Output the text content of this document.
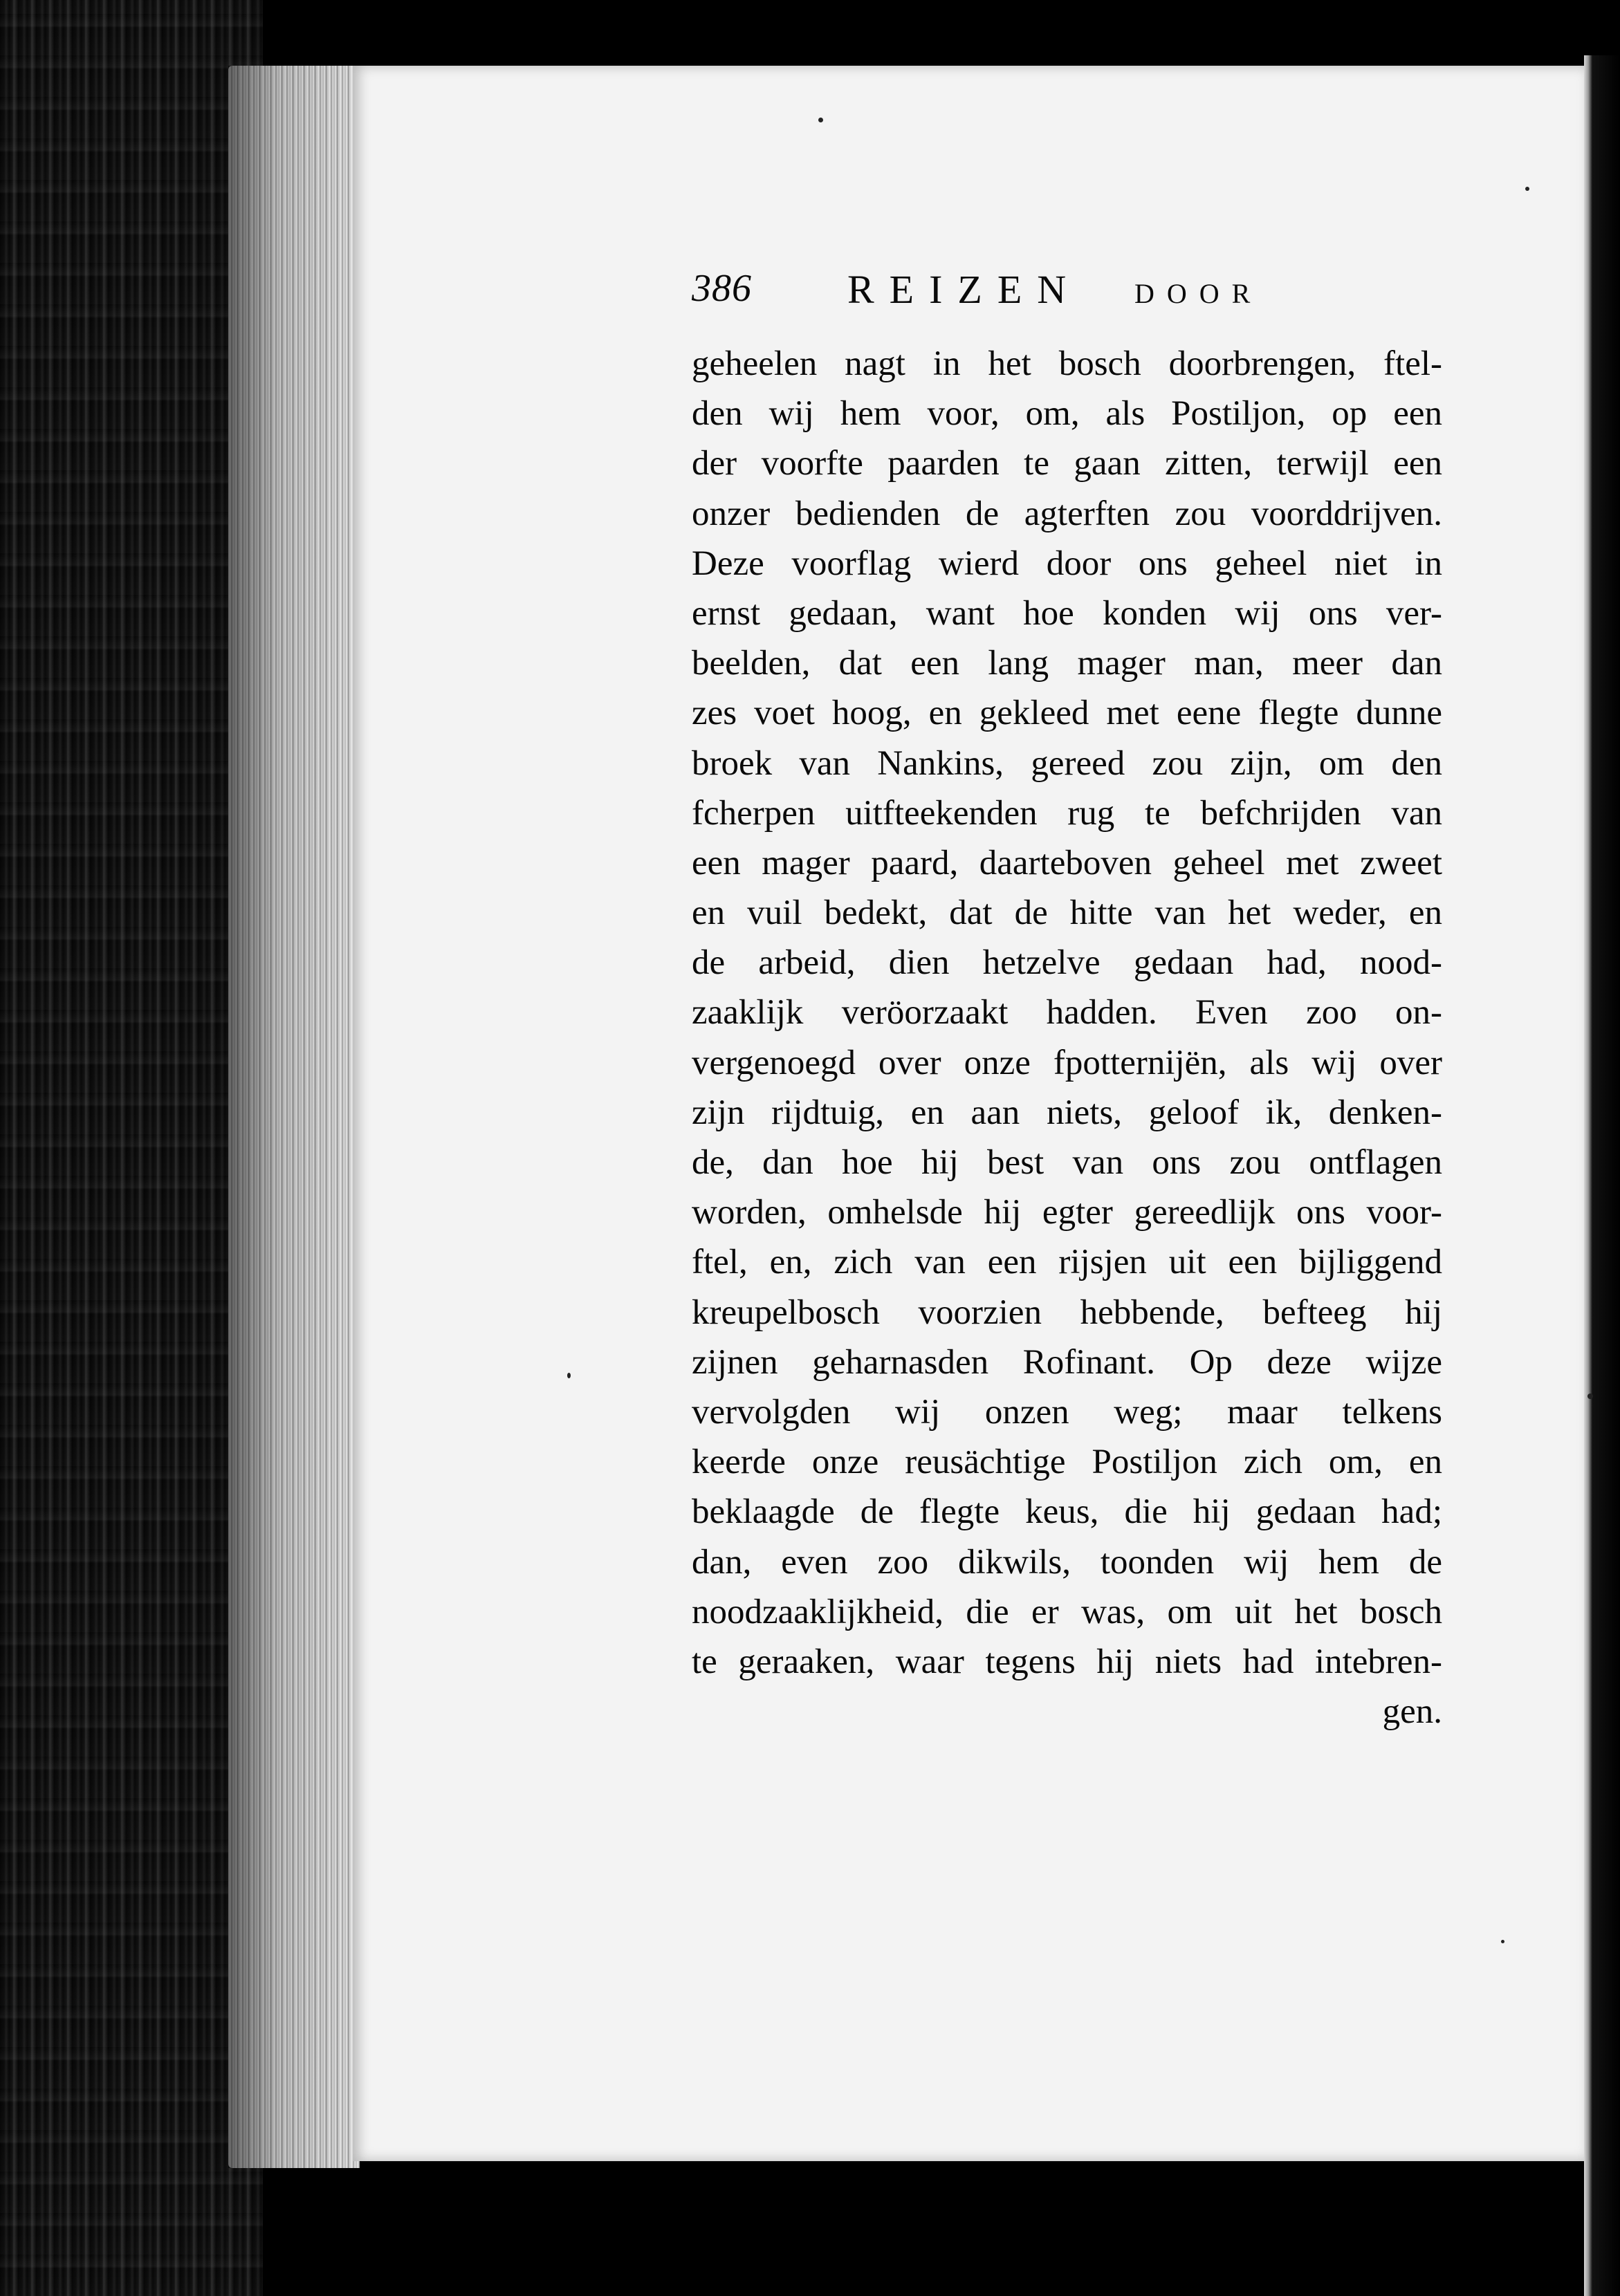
386 REIZEN DOOR
geheelen nagt in het bosch doorbrengen, ftel-
den wij hem voor, om, als Postiljon, op een
der voorfte paarden te gaan zitten, terwijl een
onzer bedienden de agterften zou voorddrijven.
Deze voorflag wierd door ons geheel niet in
ernst gedaan, want hoe konden wij ons ver-
beelden, dat een lang mager man, meer dan
zes voet hoog, en gekleed met eene flegte dunne
broek van Nankins, gereed zou zijn, om den
fcherpen uitfteekenden rug te befchrijden van
een mager paard, daarteboven geheel met zweet
en vuil bedekt, dat de hitte van het weder, en
de arbeid, dien hetzelve gedaan had, nood-
zaaklijk veröorzaakt hadden. Even zoo on-
vergenoegd over onze fpotternijën, als wij over
zijn rijdtuig, en aan niets, geloof ik, denken-
de, dan hoe hij best van ons zou ontflagen
worden, omhelsde hij egter gereedlijk ons voor-
ftel, en, zich van een rijsjen uit een bijliggend
kreupelbosch voorzien hebbende, befteeg hij
zijnen geharnasden Rofinant. Op deze wijze
vervolgden wij onzen weg; maar telkens
keerde onze reusächtige Postiljon zich om, en
beklaagde de flegte keus, die hij gedaan had;
dan, even zoo dikwils, toonden wij hem de
noodzaaklijkheid, die er was, om uit het bosch
te geraaken, waar tegens hij niets had intebren-
gen.
